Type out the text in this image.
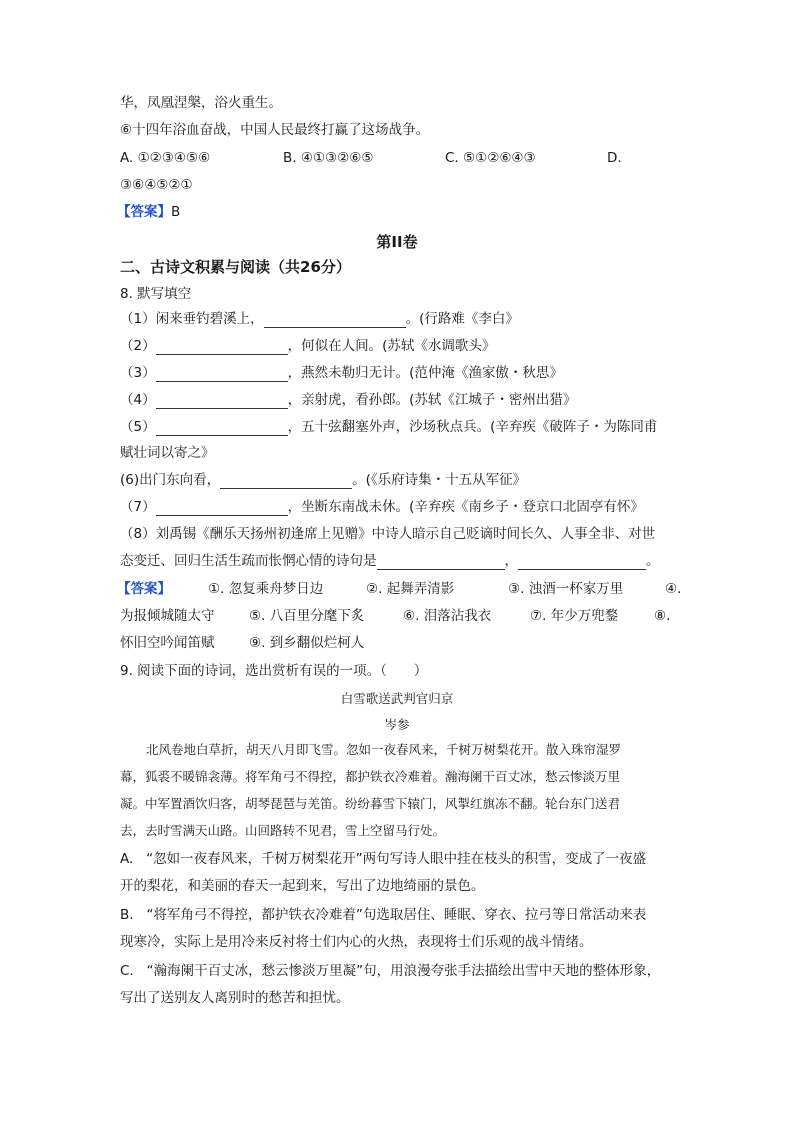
华，凤凰涅槃，浴火重生。
⑥十四年浴血奋战，中国人民最终打赢了这场战争。
A. ①②③④⑤⑥	B. ④①③②⑥⑤	C. ⑤①②⑥④③	D.
③⑥④⑤②①
【答案】B
第II卷
二、古诗文积累与阅读（共26分）
8. 默写填空
（1）闲来垂钓碧溪上，	。(行路难《李白》
（2）	，何似在人间。(苏轼《水调歌头》
（3）	，燕然未勒归无计。(范仲淹《渔家傲・秋思》
（4）	，亲射虎，看孙郎。(苏轼《江城子・密州出猎》
（5）	，五十弦翻塞外声，沙场秋点兵。(辛弃疾《破阵子・为陈同甫
赋壮词以寄之》
(6)出门东向看，	。(《乐府诗集・十五从军征》
（7）	，坐断东南战未休。(辛弃疾《南乡子・登京口北固亭有怀》
（8）刘禹锡《酬乐天扬州初逢席上见赠》中诗人暗示自己贬谪时间长久、人事全非、对世
态变迁、回归生活生疏而怅惘心情的诗句是	，	。
【答案】	①. 忽复乘舟梦日边	②. 起舞弄清影	③. 浊酒一杯家万里	④.
为报倾城随太守	⑤. 八百里分麾下炙	⑥. 泪落沾我衣	⑦. 年少万兜鍪	⑧.
怀旧空吟闻笛赋	⑨. 到乡翻似烂柯人
9. 阅读下面的诗词，选出赏析有误的一项。（　　）
白雪歌送武判官归京
岑参
北风卷地白草折，胡天八月即飞雪。忽如一夜春风来，千树万树梨花开。散入珠帘湿罗
幕，狐裘不暖锦衾薄。将军角弓不得控，都护铁衣冷难着。瀚海阑干百丈冰，愁云惨淡万里
凝。中军置酒饮归客，胡琴琵琶与羌笛。纷纷暮雪下辕门，风掣红旗冻不翻。轮台东门送君
去，去时雪满天山路。山回路转不见君，雪上空留马行处。
A. “忽如一夜春风来，千树万树梨花开”两句写诗人眼中挂在枝头的积雪，变成了一夜盛
开的梨花，和美丽的春天一起到来，写出了边地绮丽的景色。
B. “将军角弓不得控，都护铁衣冷难着”句选取居住、睡眠、穿衣、拉弓等日常活动来表
现寒冷，实际上是用冷来反衬将士们内心的火热，表现将士们乐观的战斗情绪。
C. “瀚海阑干百丈冰，愁云惨淡万里凝”句，用浪漫夸张手法描绘出雪中天地的整体形象，
写出了送别友人离别时的愁苦和担忧。
